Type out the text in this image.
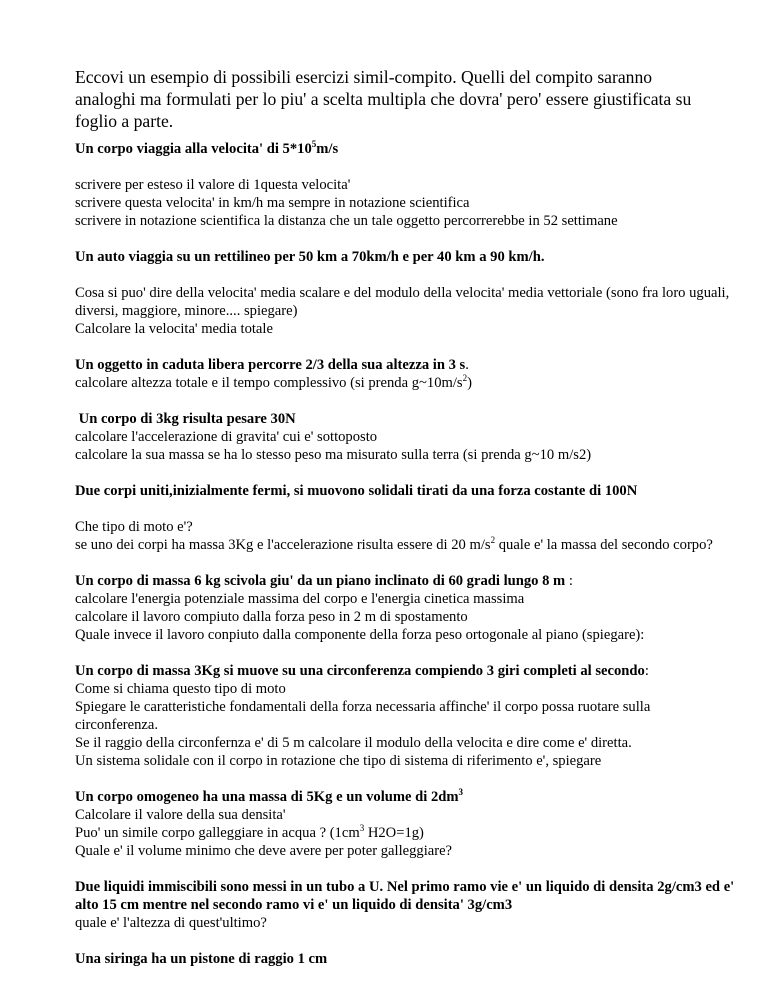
Eccovi un esempio di possibili esercizi simil-compito. Quelli del compito saranno analoghi ma formulati per lo piu' a scelta multipla che dovra' pero' essere giustificata su foglio a parte.

Un corpo viaggia alla velocita' di $5*10^5m/s$

scrivere per esteso il valore di 1questa velocita'

scrivere questa velocita' in km/h ma sempre in notazione scientifica

scrivere in notazione scientifica la distanza che un tale oggetto percorrerebbe in 52 settimane

Un auto viaggia su un rettilineo per 50 km a 70km/h e per 40 km a 90 km/h.

Cosa si puo' dire della velocita' media scalare e del modulo della velocita' media vettoriale (sono fra loro uguali, diversi, maggiore, minore.... spiegare)

Calcolare la velocita' media totale

Un oggetto in caduta libera percorre 2/3 della sua altezza in 3 s.

calcolare altezza totale e il tempo complessivo (si prenda $g\sim 10m/s^2$)

Un corpo di 3kg risulta pesare 30N

calcolare l'accelerazione di gravita' cui e' sottoposto

calcolare la sua massa se ha lo stesso peso ma misurato sulla terra (si prenda g~10 m/s2)

Due corpi uniti,inizialmente fermi, si muovono solidali tirati da una forza costante di 100N

Che tipo di moto e'?

se uno dei corpi ha massa 3Kg e l'accelerazione risulta essere di 20 $m/s^2$ quale e' la massa del secondo corpo?

Un corpo di massa 6 kg scivola giu' da un piano inclinato di 60 gradi lungo 8 m :

calcolare l'energia potenziale massima del corpo e l'energia cinetica massima

calcolare il lavoro compiuto dalla forza peso in 2 m di spostamento

Quale invece il lavoro conpiuto dalla componente della forza peso ortogonale al piano (spiegare):

Un corpo di massa 3Kg si muove su una circonferenza compiendo 3 giri completi al secondo:

Come si chiama questo tipo di moto

Spiegare le caratteristiche fondamentali della forza necessaria affinche' il corpo possa ruotare sulla circonferenza.

Se il raggio della circonfernza e' di 5 m calcolare il modulo della velocita e dire come e' diretta.

Un sistema solidale con il corpo in rotazione che tipo di sistema di riferimento e', spiegare

Un corpo omogeneo ha una massa di 5Kg e un volume di $2dm^3$

Calcolare il valore della sua densita'

Puo' un simile corpo galleggiare in acqua ? ($1cm^3$ H2O=1g)

Quale e' il volume minimo che deve avere per poter galleggiare?

Due liquidi immiscibili sono messi in un tubo a U. Nel primo ramo vie e' un liquido di densita 2g/cm3 ed e' alto 15 cm mentre nel secondo ramo vi e' un liquido di densita' 3g/cm3

quale e' l'altezza di quest'ultimo?

Una siringa ha un pistone di raggio 1 cm
